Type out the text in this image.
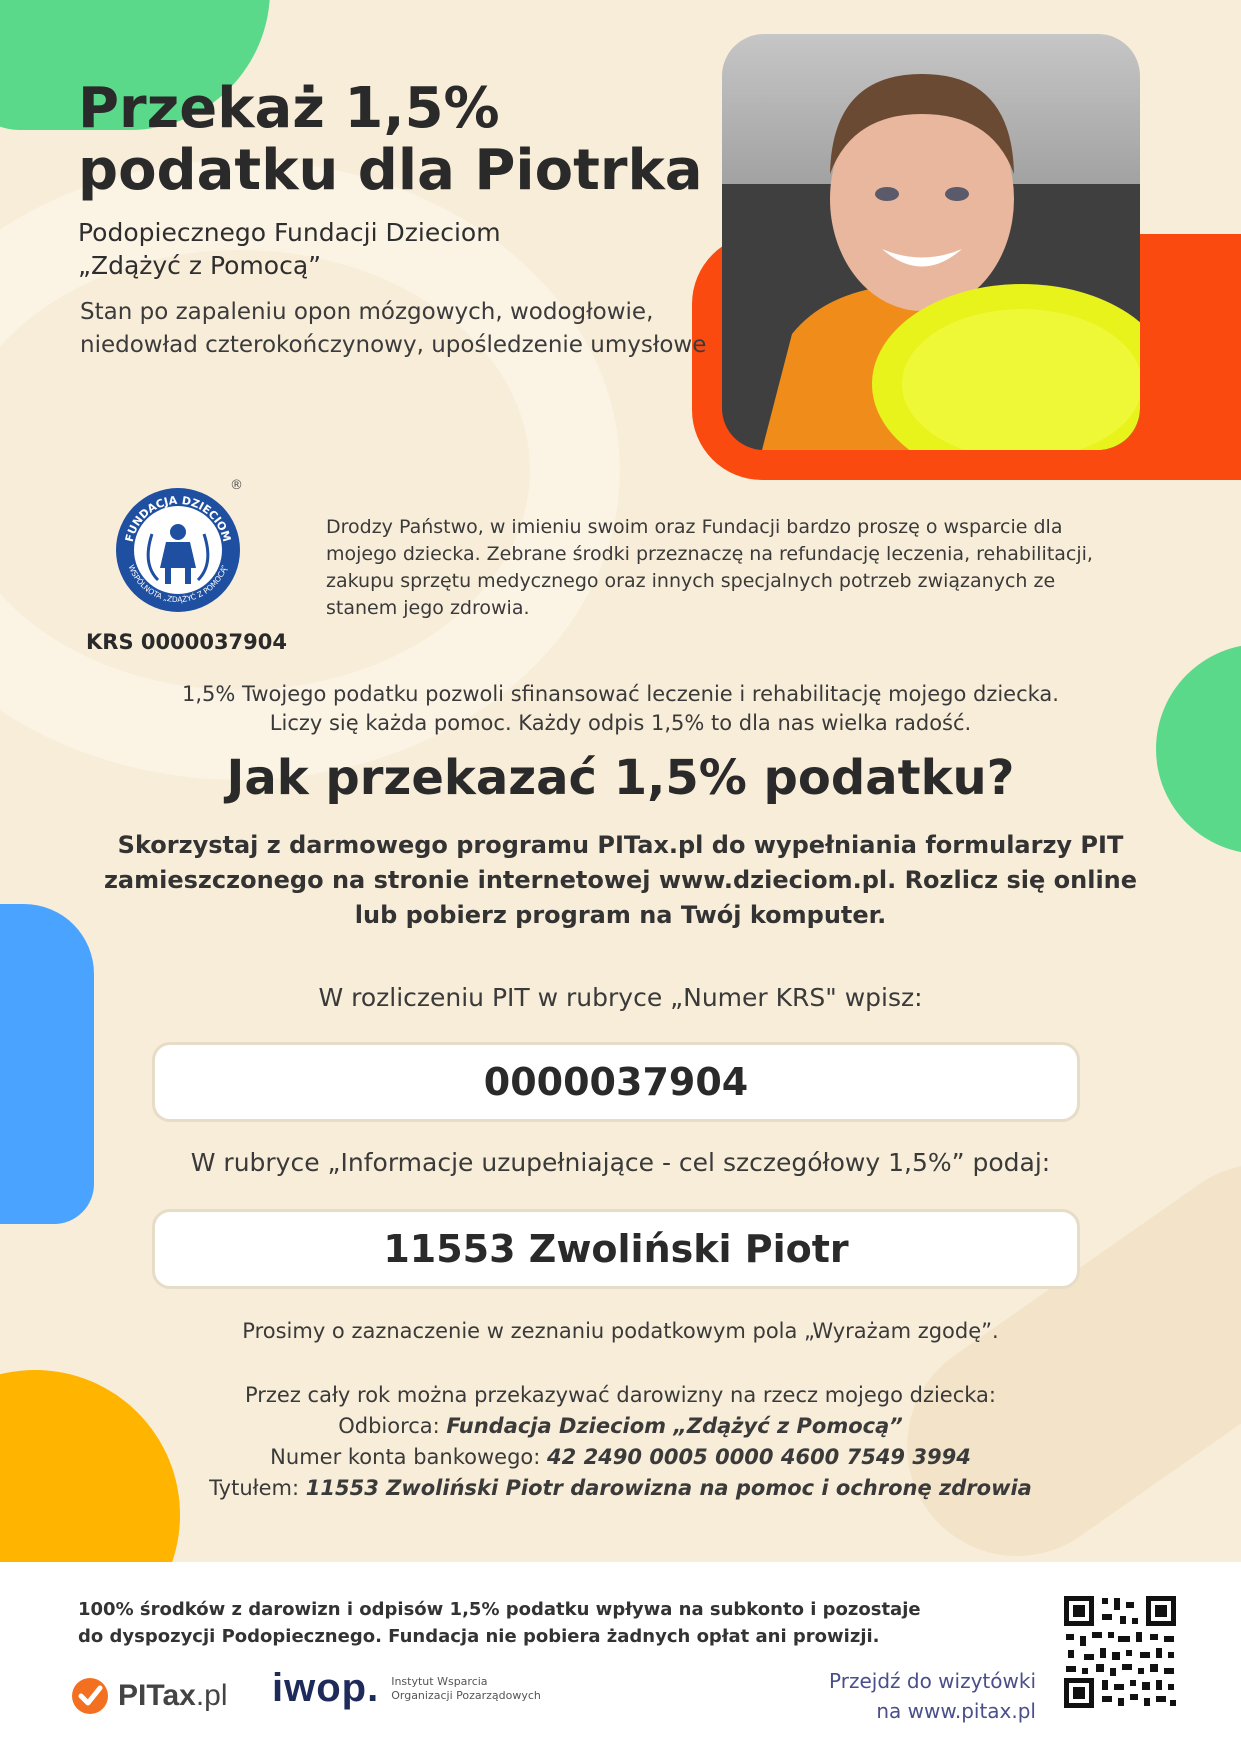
Przekaż 1,5%
podatku dla Piotrka

Podopiecznego Fundacji Dzieciom
„Zdążyć z Pomocą”

Stan po zapaleniu opon mózgowych, wodogłowie,
niedowład czterokończynowy, upośledzenie umysłowe

FUNDACJA DZIECIOM
WSPÓLNOTA „ZDĄŻYĆ Z POMOCĄ”
®

KRS 0000037904

Drodzy Państwo, w imieniu swoim oraz Fundacji bardzo proszę o wsparcie dla mojego dziecka. Zebrane środki przeznaczę na refundację leczenia, rehabilitacji, zakupu sprzętu medycznego oraz innych specjalnych potrzeb związanych ze stanem jego zdrowia.

1,5% Twojego podatku pozwoli sfinansować leczenie i rehabilitację mojego dziecka.

Liczy się każda pomoc. Każdy odpis 1,5% to dla nas wielka radość.

Jak przekazać 1,5% podatku?

Skorzystaj z darmowego programu PITax.pl do wypełniania formularzy PIT
zamieszczonego na stronie internetowej www.dzieciom.pl. Rozlicz się online
lub pobierz program na Twój komputer.

W rozliczeniu PIT w rubryce „Numer KRS" wpisz:

0000037904

W rubryce „Informacje uzupełniające - cel szczegółowy 1,5%” podaj:

11553 Zwoliński Piotr

Prosimy o zaznaczenie w zeznaniu podatkowym pola „Wyrażam zgodę”.

Przez cały rok można przekazywać darowizny na rzecz mojego dziecka:

Odbiorca: Fundacja Dzieciom „Zdążyć z Pomocą”

Numer konta bankowego: 42 2490 0005 0000 4600 7549 3994

Tytułem: 11553 Zwoliński Piotr darowizna na pomoc i ochronę zdrowia

100% środków z darowizn i odpisów 1,5% podatku wpływa na subkonto i pozostaje
do dyspozycji Podopiecznego. Fundacja nie pobiera żadnych opłat ani prowizji.

PITax.pl iwop. Instytut Wsparcia
Organizacji Pozarządowych

Przejdź do wizytówki
na www.pitax.pl
